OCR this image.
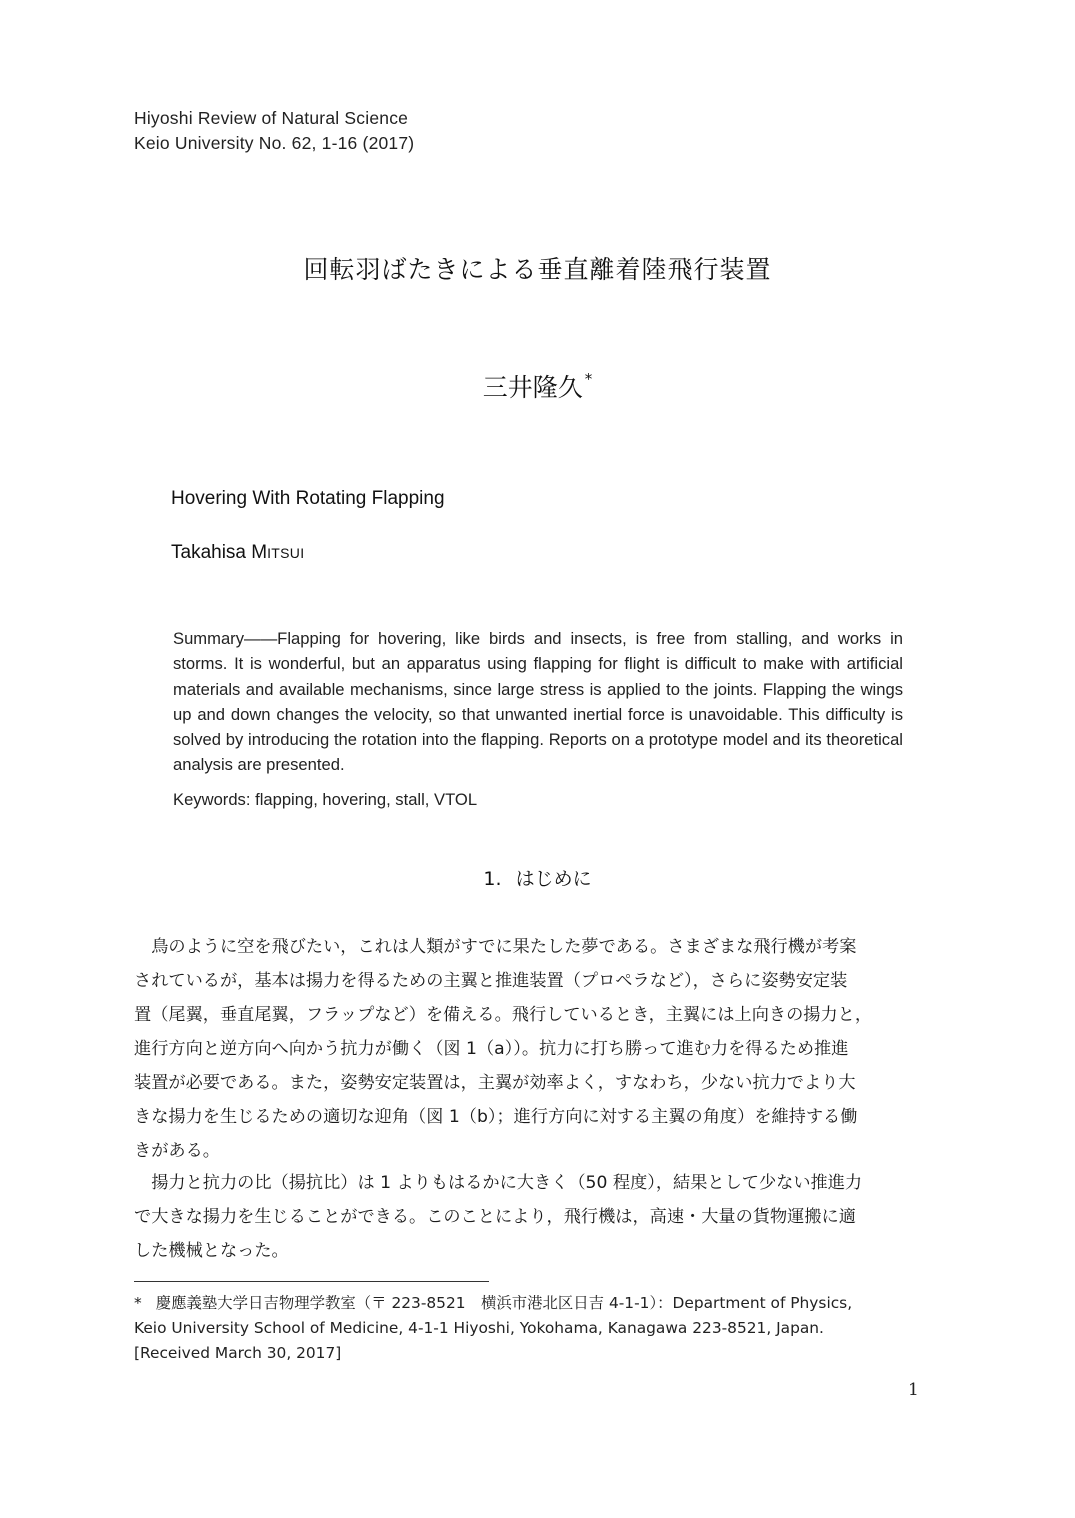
Hiyoshi Review of Natural Science
Keio University No. 62, 1-16 (2017)
回転羽ばたきによる垂直離着陸飛行装置
三井隆久 *
Hovering With Rotating Flapping
Takahisa MITSUI
Summary——Flapping for hovering, like birds and insects, is free from stalling, and works in storms. It is wonderful, but an apparatus using flapping for flight is difficult to make with artificial materials and available mechanisms, since large stress is applied to the joints. Flapping the wings up and down changes the velocity, so that unwanted inertial force is unavoidable. This difficulty is solved by introducing the rotation into the flapping. Reports on a prototype model and its theoretical analysis are presented.
Keywords: flapping, hovering, stall, VTOL
1. はじめに
　鳥のように空を飛びたい，これは人類がすでに果たした夢である。さまざまな飛行機が考案
されているが，基本は揚力を得るための主翼と推進装置（プロペラなど），さらに姿勢安定装
置（尾翼，垂直尾翼，フラップなど）を備える。飛行しているとき，主翼には上向きの揚力と，
進行方向と逆方向へ向かう抗力が働く（図 1（a））。抗力に打ち勝って進む力を得るため推進
装置が必要である。また，姿勢安定装置は，主翼が効率よく，すなわち，少ない抗力でより大
きな揚力を生じるための適切な迎角（図 1（b）；進行方向に対する主翼の角度）を維持する働
きがある。
　揚力と抗力の比（揚抗比）は 1 よりもはるかに大きく（50 程度），結果として少ない推進力
で大きな揚力を生じることができる。このことにより，飛行機は，高速・大量の貨物運搬に適
した機械となった。
* 慶應義塾大学日吉物理学教室（〒 223-8521　横浜市港北区日吉 4-1-1）：Department of Physics,
Keio University School of Medicine, 4-1-1 Hiyoshi, Yokohama, Kanagawa 223-8521, Japan.
[Received March 30, 2017]
1
